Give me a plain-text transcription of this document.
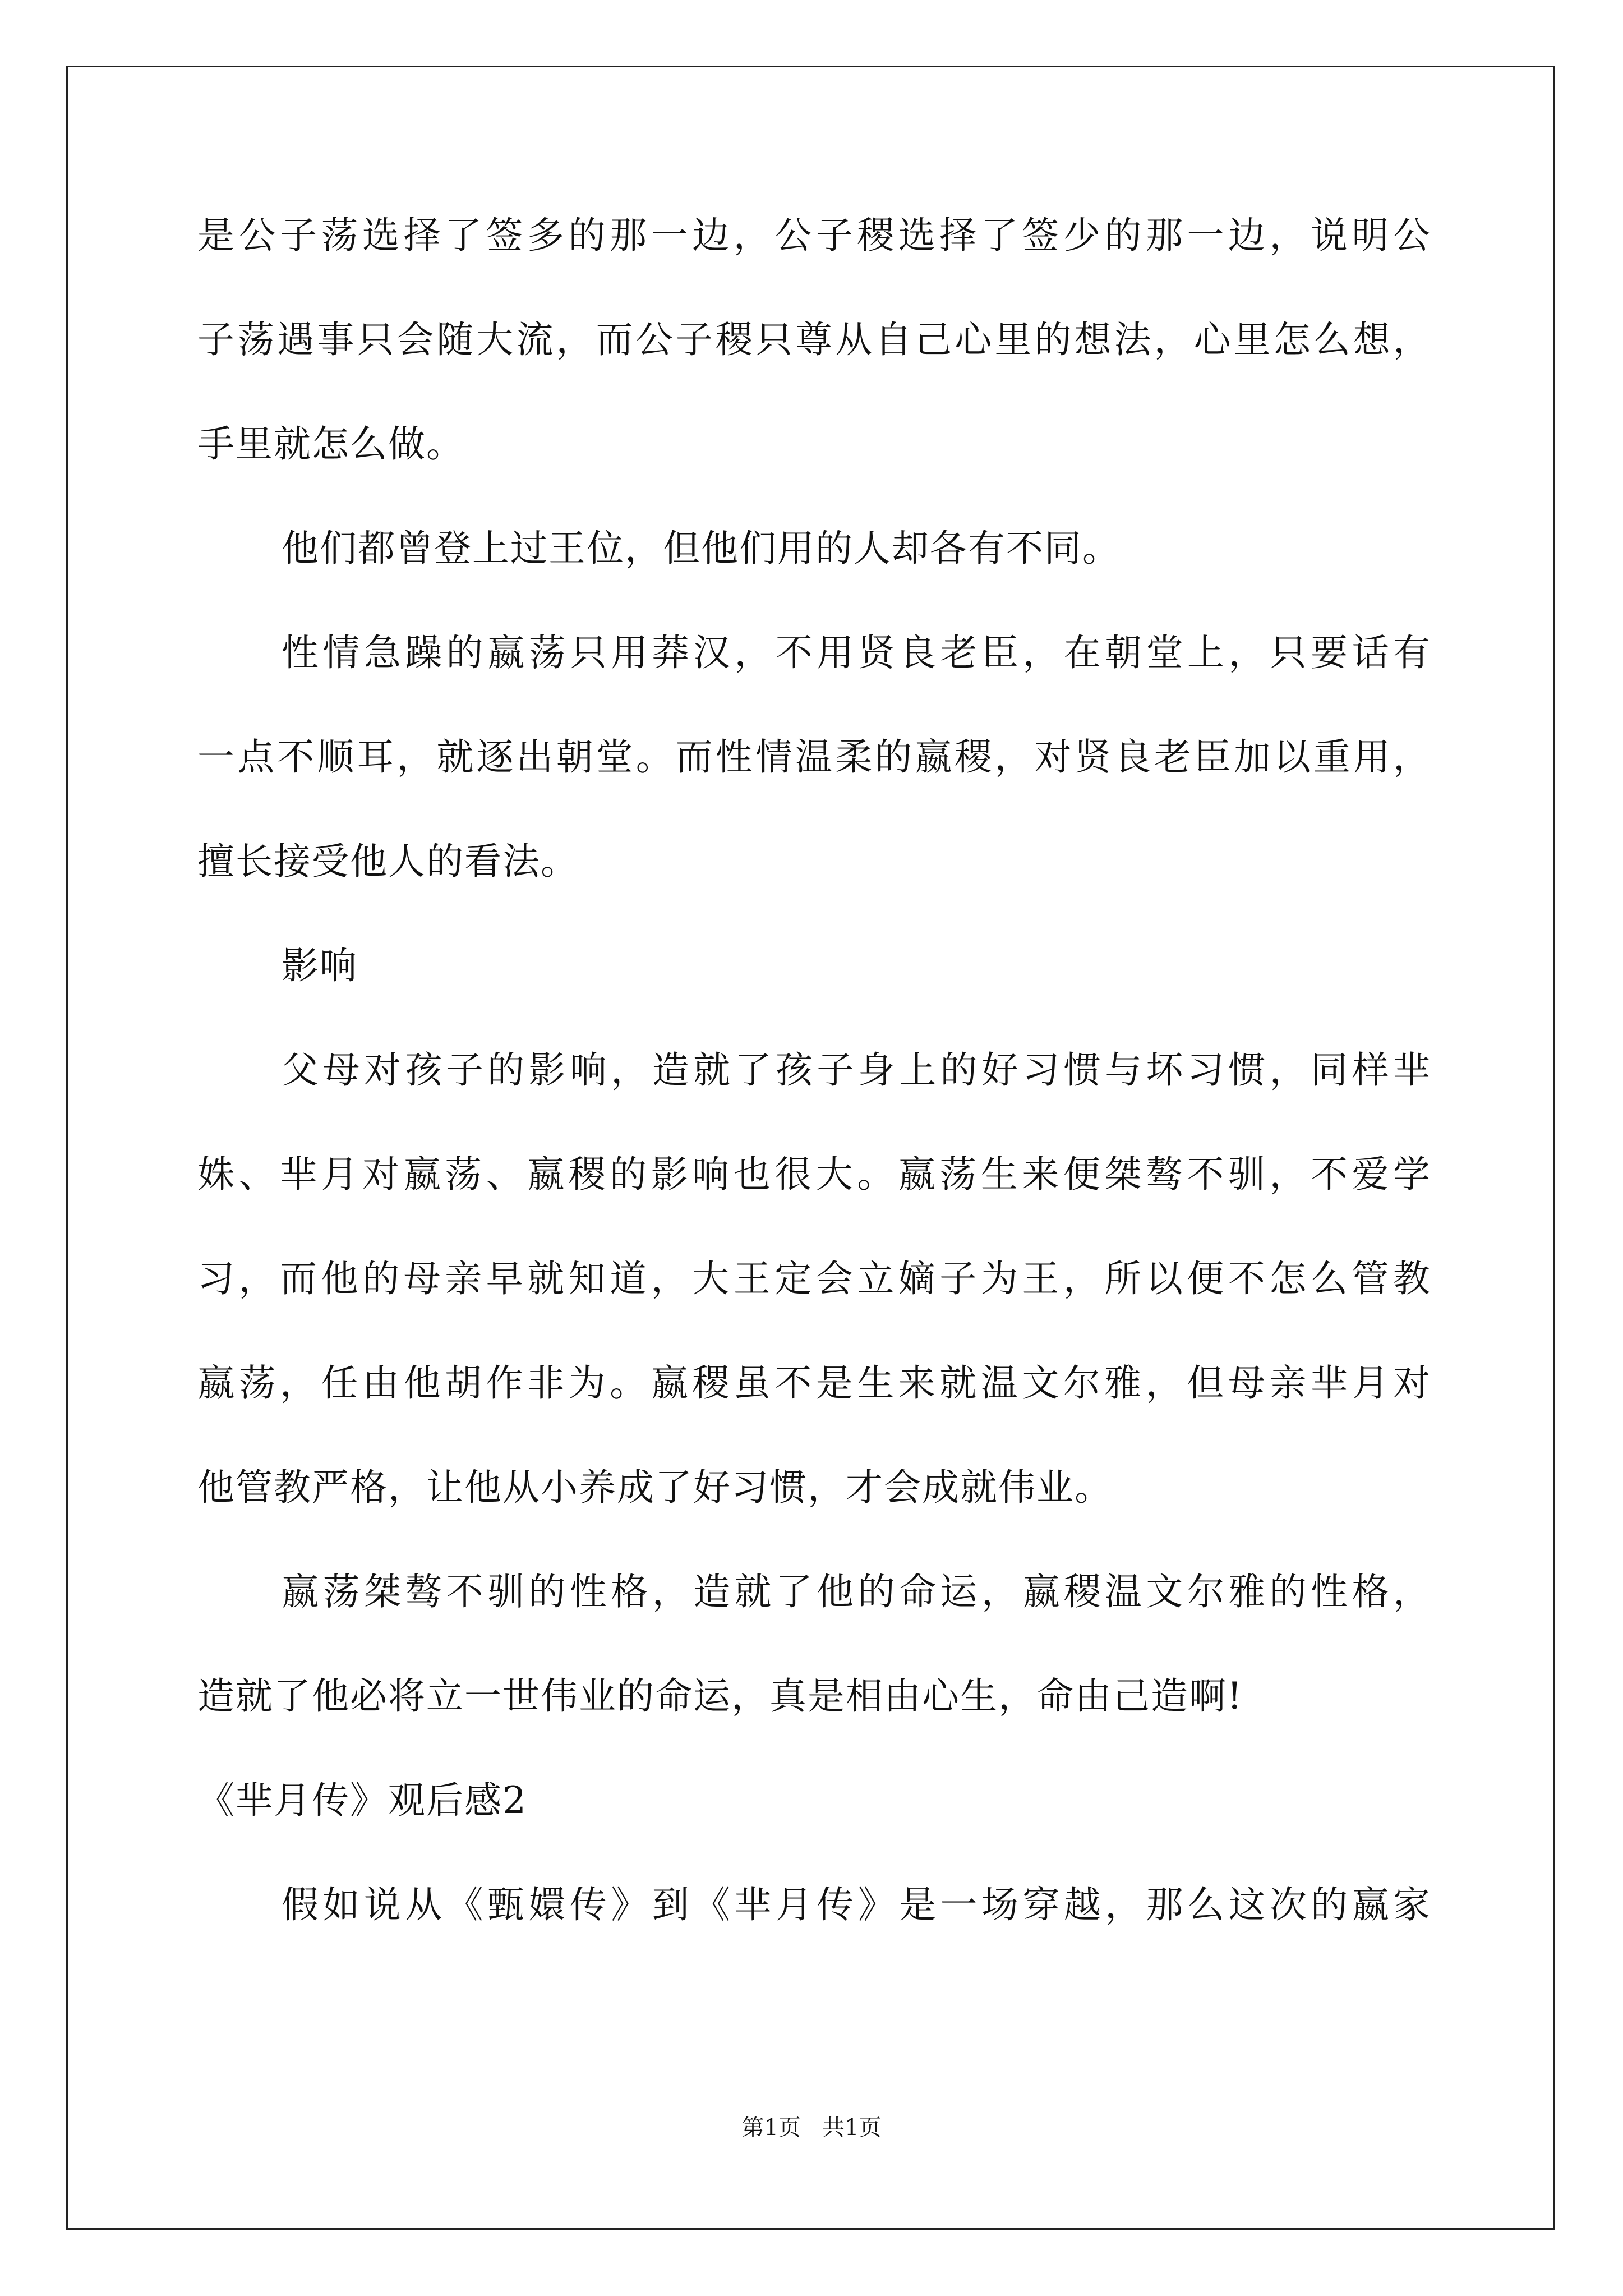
是公子荡选择了签多的那一边，公子稷选择了签少的那一边，说明公
子荡遇事只会随大流，而公子稷只尊从自己心里的想法，心里怎么想，
手里就怎么做。
他们都曾登上过王位，但他们用的人却各有不同。
性情急躁的嬴荡只用莽汉，不用贤良老臣，在朝堂上，只要话有
一点不顺耳，就逐出朝堂。而性情温柔的嬴稷，对贤良老臣加以重用，
擅长接受他人的看法。
影响
父母对孩子的影响，造就了孩子身上的好习惯与坏习惯，同样芈
姝、芈月对嬴荡、嬴稷的影响也很大。嬴荡生来便桀骜不驯，不爱学
习，而他的母亲早就知道，大王定会立嫡子为王，所以便不怎么管教
嬴荡，任由他胡作非为。嬴稷虽不是生来就温文尔雅，但母亲芈月对
他管教严格，让他从小养成了好习惯，才会成就伟业。
嬴荡桀骜不驯的性格，造就了他的命运，嬴稷温文尔雅的性格，
造就了他必将立一世伟业的命运，真是相由心生，命由己造啊!
《芈月传》观后感2
假如说从《甄嬛传》到《芈月传》是一场穿越，那么这次的嬴家
第1页   共1页
